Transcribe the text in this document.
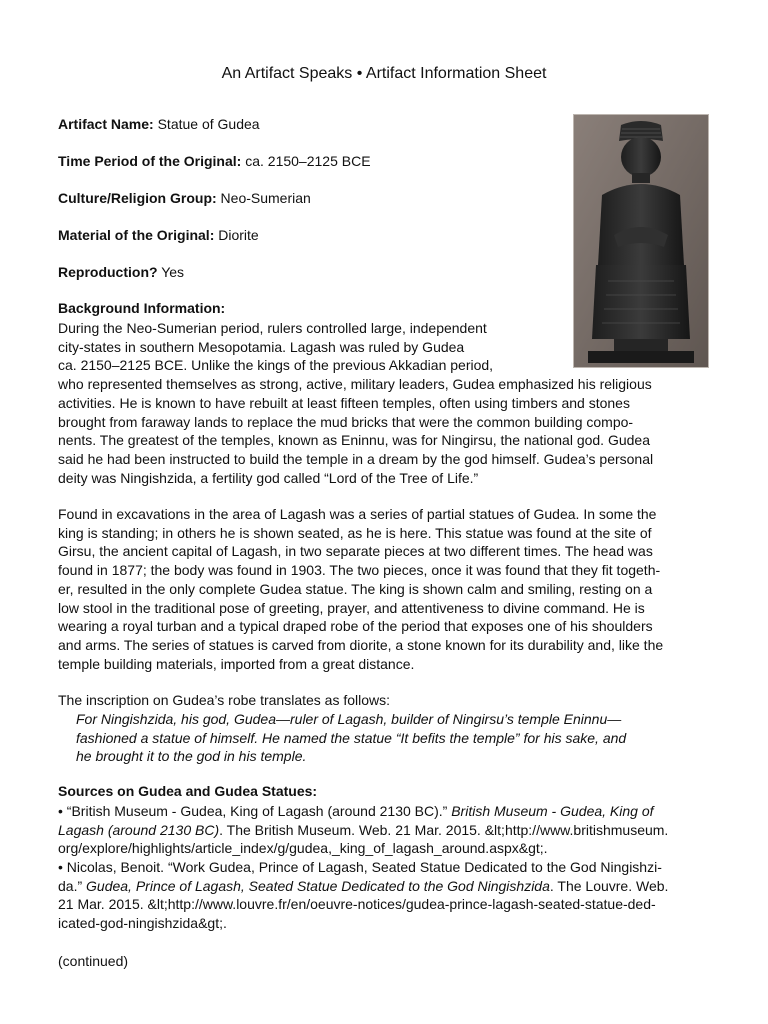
An Artifact Speaks • Artifact Information Sheet
Artifact Name: Statue of Gudea
Time Period of the Original: ca. 2150–2125 BCE
Culture/Religion Group: Neo-Sumerian
Material of the Original: Diorite
Reproduction? Yes
Background Information:
During the Neo-Sumerian period, rulers controlled large, independent
city-states in southern Mesopotamia. Lagash was ruled by Gudea
ca. 2150–2125 BCE. Unlike the kings of the previous Akkadian period,
who represented themselves as strong, active, military leaders, Gudea emphasized his religious
activities. He is known to have rebuilt at least fifteen temples, often using timbers and stones
brought from faraway lands to replace the mud bricks that were the common building compo-
nents. The greatest of the temples, known as Eninnu, was for Ningirsu, the national god. Gudea
said he had been instructed to build the temple in a dream by the god himself. Gudea’s personal
deity was Ningishzida, a fertility god called “Lord of the Tree of Life.”
Found in excavations in the area of Lagash was a series of partial statues of Gudea. In some the
king is standing; in others he is shown seated, as he is here. This statue was found at the site of
Girsu, the ancient capital of Lagash, in two separate pieces at two different times. The head was
found in 1877; the body was found in 1903. The two pieces, once it was found that they fit togeth-
er, resulted in the only complete Gudea statue. The king is shown calm and smiling, resting on a
low stool in the traditional pose of greeting, prayer, and attentiveness to divine command. He is
wearing a royal turban and a typical draped robe of the period that exposes one of his shoulders
and arms. The series of statues is carved from diorite, a stone known for its durability and, like the
temple building materials, imported from a great distance.
The inscription on Gudea’s robe translates as follows:
For Ningishzida, his god, Gudea—ruler of Lagash, builder of Ningirsu’s temple Eninnu—
fashioned a statue of himself. He named the statue “It befits the temple” for his sake, and
he brought it to the god in his temple.
Sources on Gudea and Gudea Statues:
• “British Museum - Gudea, King of Lagash (around 2130 BC).” British Museum - Gudea, King of
Lagash (around 2130 BC). The British Museum. Web. 21 Mar. 2015. &lt;http://www.britishmuseum.
org/explore/highlights/article_index/g/gudea,_king_of_lagash_around.aspx&gt;.
• Nicolas, Benoit. “Work Gudea, Prince of Lagash, Seated Statue Dedicated to the God Ningishzi-
da.” Gudea, Prince of Lagash, Seated Statue Dedicated to the God Ningishzida. The Louvre. Web.
21 Mar. 2015. &lt;http://www.louvre.fr/en/oeuvre-notices/gudea-prince-lagash-seated-statue-ded-
icated-god-ningishzida&gt;.
(continued)
